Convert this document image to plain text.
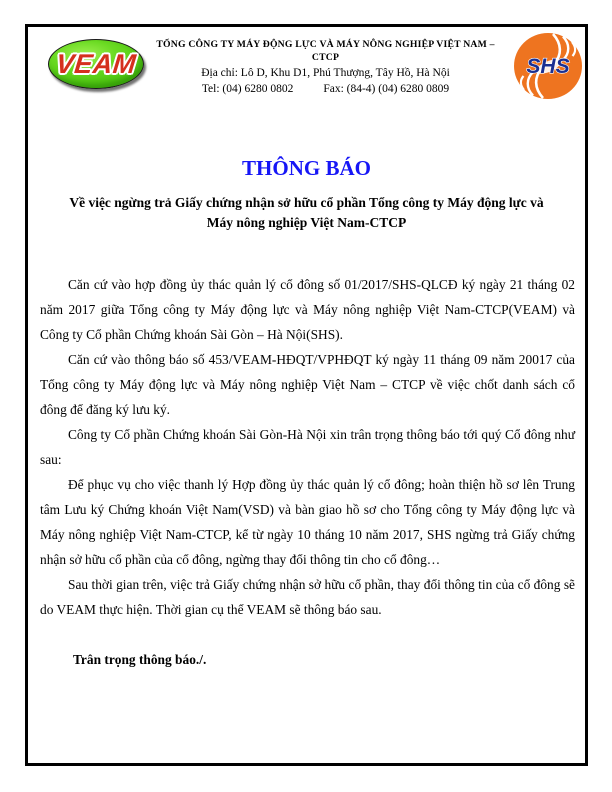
VEAM
TỔNG CÔNG TY MÁY ĐỘNG LỰC VÀ MÁY NÔNG NGHIỆP VIỆT NAM – CTCP
Địa chỉ: Lô D, Khu D1, Phú Thượng, Tây Hồ, Hà Nội
Tel: (04) 6280 0802	Fax: (84-4) (04) 6280 0809
SHS
THÔNG BÁO
Về việc ngừng trả Giấy chứng nhận sở hữu cổ phần Tổng công ty Máy động lực và Máy nông nghiệp Việt Nam-CTCP

Căn cứ vào hợp đồng ủy thác quản lý cổ đông số 01/2017/SHS-QLCĐ ký ngày 21 tháng 02 năm 2017 giữa Tổng công ty Máy động lực và Máy nông nghiệp Việt Nam-CTCP(VEAM) và Công ty Cổ phần Chứng khoán Sài Gòn – Hà Nội(SHS).

Căn cứ vào thông báo số 453/VEAM-HĐQT/VPHĐQT ký ngày 11 tháng 09 năm 20017 của Tổng công ty Máy động lực và Máy nông nghiệp Việt Nam – CTCP về việc chốt danh sách cổ đông để đăng ký lưu ký.

Công ty Cổ phần Chứng khoán Sài Gòn-Hà Nội xin trân trọng thông báo tới quý Cổ đông như sau:

Để phục vụ cho việc thanh lý Hợp đồng ủy thác quản lý cổ đông; hoàn thiện hồ sơ lên Trung tâm Lưu ký Chứng khoán Việt Nam(VSD) và bàn giao hồ sơ cho Tổng công ty Máy động lực và Máy nông nghiệp Việt Nam-CTCP, kể từ ngày 10 tháng 10 năm 2017, SHS ngừng trả Giấy chứng nhận sở hữu cổ phần của cổ đông, ngừng thay đổi thông tin cho cổ đông…

Sau thời gian trên, việc trả Giấy chứng nhận sở hữu cổ phần, thay đổi thông tin của cổ đông sẽ do VEAM thực hiện. Thời gian cụ thể VEAM sẽ thông báo sau.

Trân trọng thông báo./.
